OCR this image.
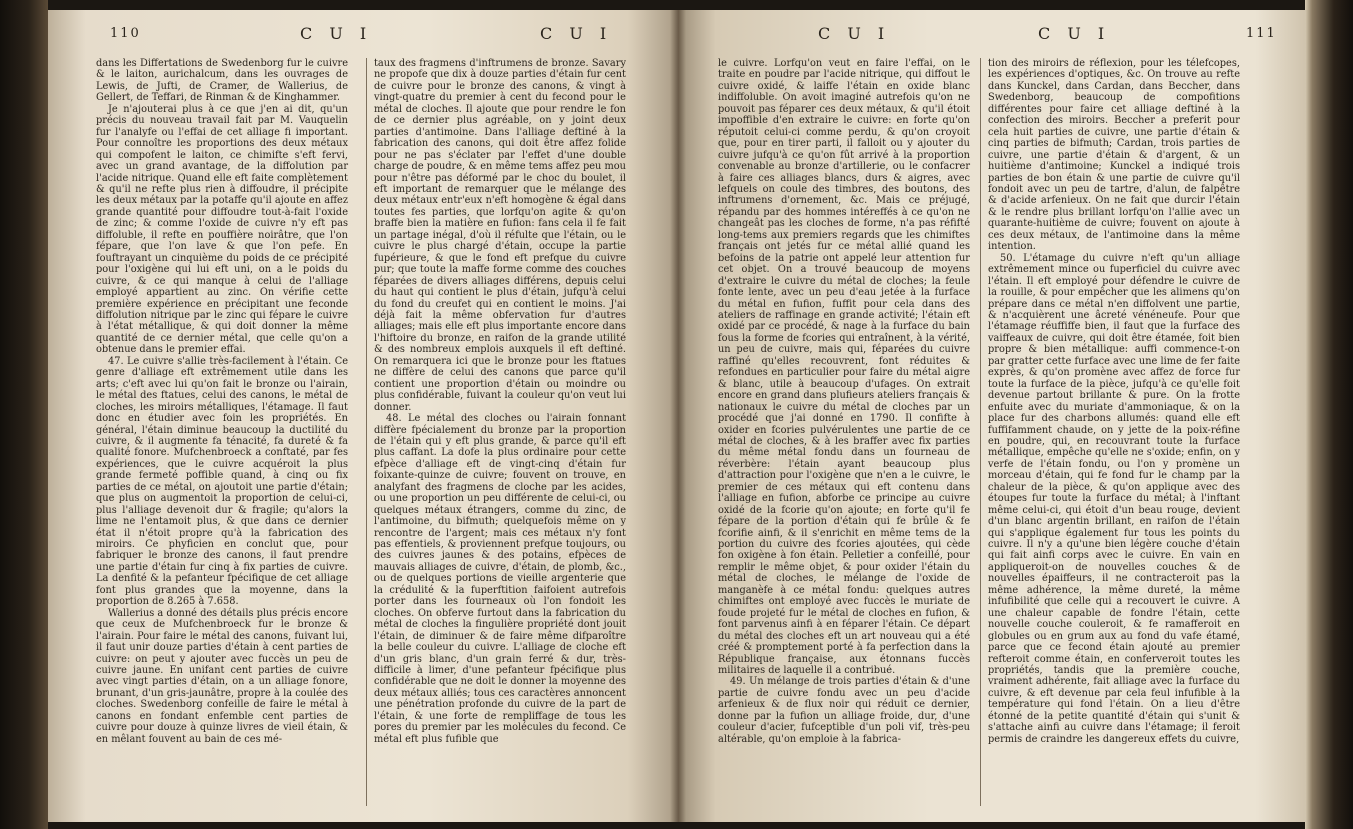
110	C U I	C U I

dans les Differtations de Swedenborg fur le cuivre & le laiton, aurichalcum, dans les ouvrages de Lewis, de Jufti, de Cramer, de Wallerius, de Gellert, de Teffari, de Rinman & de Kinghammer.

Je n'ajouterai plus à ce que j'en ai dit, qu'un précis du nouveau travail fait par M. Vauquelin fur l'analyfe ou l'effai de cet alliage fi important. Pour connoître les proportions des deux métaux qui compofent le laiton, ce chimifte s'eft fervi, avec un grand avantage, de la diffolution par l'acide nitrique. Quand elle eft faite complètement & qu'il ne refte plus rien à diffoudre, il précipite les deux métaux par la potaffe qu'il ajoute en affez grande quantité pour diffoudre tout-à-fait l'oxide de zinc; & comme l'oxide de cuivre n'y eft pas diffoluble, il refte en pouffière noirâtre, que l'on fépare, que l'on lave & que l'on pefe. En fouftrayant un cinquième du poids de ce précipité pour l'oxigène qui lui eft uni, on a le poids du cuivre, & ce qui manque à celui de l'alliage employé appartient au zinc. On vérifie cette première expérience en précipitant une feconde diffolution nitrique par le zinc qui fépare le cuivre à l'état métallique, & qui doit donner la même quantité de ce dernier métal, que celle qu'on a obtenue dans le premier effai.

47. Le cuivre s'allie très-facilement à l'étain. Ce genre d'alliage eft extrêmement utile dans les arts; c'eft avec lui qu'on fait le bronze ou l'airain, le métal des ftatues, celui des canons, le métal de cloches, les miroirs métalliques, l'étamage. Il faut donc en étudier avec foin les propriétés. En général, l'étain diminue beaucoup la ductilité du cuivre, & il augmente fa ténacité, fa dureté & fa qualité fonore. Mufchenbroeck a conftaté, par fes expériences, que le cuivre acquéroit la plus grande fermeté poffible quand, à cinq ou fix parties de ce métal, on ajoutoit une partie d'étain; que plus on augmentoit la proportion de celui-ci, plus l'alliage devenoit dur & fragile; qu'alors la lime ne l'entamoit plus, & que dans ce dernier état il n'étoit propre qu'à la fabrication des miroirs. Ce phyficien en conclut que, pour fabriquer le bronze des canons, il faut prendre une partie d'étain fur cinq à fix parties de cuivre. La denfité & la pefanteur fpécifique de cet alliage font plus grandes que la moyenne, dans la proportion de 8.265 à 7.658.

Wallerius a donné des détails plus précis encore que ceux de Mufchenbroeck fur le bronze & l'airain. Pour faire le métal des canons, fuivant lui, il faut unir douze parties d'étain à cent parties de cuivre: on peut y ajouter avec fuccès un peu de cuivre jaune. En unifant cent parties de cuivre avec vingt parties d'étain, on a un alliage fonore, brunant, d'un gris-jaunâtre, propre à la coulée des cloches. Swedenborg confeille de faire le métal à canons en fondant enfemble cent parties de cuivre pour douze à quinze livres de vieil étain, & en mêlant fouvent au bain de ces mé-

taux des fragmens d'inftrumens de bronze. Savary ne propofe que dix à douze parties d'étain fur cent de cuivre pour le bronze des canons, & vingt à vingt-quatre du premier à cent du fecond pour le métal de cloches. Il ajoute que pour rendre le fon de ce dernier plus agréable, on y joint deux parties d'antimoine. Dans l'alliage deftiné à la fabrication des canons, qui doit être affez folide pour ne pas s'éclater par l'effet d'une double charge de poudre, & en même tems affez peu mou pour n'être pas déformé par le choc du boulet, il eft important de remarquer que le mélange des deux métaux entr'eux n'eft homogène & égal dans toutes fes parties, que lorfqu'on agite & qu'on braffe bien la matière en fufion: fans cela il fe fait un partage inégal, d'où il réfulte que l'étain, ou le cuivre le plus chargé d'étain, occupe la partie fupérieure, & que le fond eft prefque du cuivre pur; que toute la maffe forme comme des couches féparées de divers alliages différens, depuis celui du haut qui contient le plus d'étain, jufqu'à celui du fond du creufet qui en contient le moins. J'ai déjà fait la même obfervation fur d'autres alliages; mais elle eft plus importante encore dans l'hiftoire du bronze, en raifon de la grande utilité & des nombreux emplois auxquels il eft deftiné. On remarquera ici que le bronze pour les ftatues ne diffère de celui des canons que parce qu'il contient une proportion d'étain ou moindre ou plus confidérable, fuivant la couleur qu'on veut lui donner.

48. Le métal des cloches ou l'airain fonnant diffère fpécialement du bronze par la proportion de l'étain qui y eft plus grande, & parce qu'il eft plus caffant. La dofe la plus ordinaire pour cette efpèce d'alliage eft de vingt-cinq d'étain fur foixante-quinze de cuivre; fouvent on trouve, en analyfant des fragmens de cloche par les acides, ou une proportion un peu différente de celui-ci, ou quelques métaux étrangers, comme du zinc, de l'antimoine, du bifmuth; quelquefois même on y rencontre de l'argent; mais ces métaux n'y font pas effentiels, & proviennent prefque toujours, ou des cuivres jaunes & des potains, efpèces de mauvais alliages de cuivre, d'étain, de plomb, &c., ou de quelques portions de vieille argenterie que la crédulité & la fuperftition faifoient autrefois porter dans les fourneaux où l'on fondoit les cloches. On obferve furtout dans la fabrication du métal de cloches la fingulière propriété dont jouit l'étain, de diminuer & de faire même difparoître la belle couleur du cuivre. L'alliage de cloche eft d'un gris blanc, d'un grain ferré & dur, très-difficile à limer, d'une pefanteur fpécifique plus confidérable que ne doit le donner la moyenne des deux métaux alliés; tous ces caractères annoncent une pénétration profonde du cuivre de la part de l'étain, & une forte de rempliffage de tous les pores du premier par les molécules du fecond. Ce métal eft plus fufible que

C U I	C U I	111

le cuivre. Lorfqu'on veut en faire l'effai, on le traite en poudre par l'acide nitrique, qui diffout le cuivre oxidé, & laiffe l'étain en oxide blanc indiffoluble. On avoit imaginé autrefois qu'on ne pouvoit pas féparer ces deux métaux, & qu'il étoit impoffible d'en extraire le cuivre: en forte qu'on réputoit celui-ci comme perdu, & qu'on croyoit que, pour en tirer parti, il falloit ou y ajouter du cuivre jufqu'à ce qu'on fût arrivé à la proportion convenable au bronze d'artillerie, ou le confacrer à faire ces alliages blancs, durs & aigres, avec lefquels on coule des timbres, des boutons, des inftrumens d'ornement, &c. Mais ce préjugé, répandu par des hommes intéreffés à ce qu'on ne changeât pas les cloches de forme, n'a pas réfifté long-tems aux premiers regards que les chimiftes français ont jetés fur ce métal allié quand les befoins de la patrie ont appelé leur attention fur cet objet. On a trouvé beaucoup de moyens d'extraire le cuivre du métal de cloches; la feule fonte lente, avec un peu d'eau jetée à la furface du métal en fufion, fuffit pour cela dans des ateliers de raffinage en grande activité; l'étain eft oxidé par ce procédé, & nage à la furface du bain fous la forme de fcories qui entraînent, à la vérité, un peu de cuivre, mais qui, féparées du cuivre raffiné qu'elles recouvrent, font réduites & refondues en particulier pour faire du métal aigre & blanc, utile à beaucoup d'ufages. On extrait encore en grand dans plufieurs ateliers français & nationaux le cuivre du métal de cloches par un procédé que j'ai donné en 1790. Il confifte à oxider en fcories pulvérulentes une partie de ce métal de cloches, & à les braffer avec fix parties du même métal fondu dans un fourneau de réverbère: l'étain ayant beaucoup plus d'attraction pour l'oxigène que n'en a le cuivre, le premier de ces métaux qui eft contenu dans l'alliage en fufion, abforbe ce principe au cuivre oxidé de la fcorie qu'on ajoute; en forte qu'il fe fépare de la portion d'étain qui fe brûle & fe fcorifie ainfi, & il s'enrichit en même tems de la portion du cuivre des fcories ajoutées, qui cède fon oxigène à fon étain. Pelletier a confeillé, pour remplir le même objet, & pour oxider l'étain du métal de cloches, le mélange de l'oxide de manganèfe à ce métal fondu: quelques autres chimiftes ont employé avec fuccès le muriate de foude projeté fur le métal de cloches en fufion, & font parvenus ainfi à en féparer l'étain. Ce départ du métal des cloches eft un art nouveau qui a été créé & promptement porté à fa perfection dans la République française, aux étonnans fuccès militaires de laquelle il a contribué.

49. Un mélange de trois parties d'étain & d'une partie de cuivre fondu avec un peu d'acide arfenieux & de flux noir qui réduit ce dernier, donne par la fufion un alliage froide, dur, d'une couleur d'acier, fufceptible d'un poli vif, très-peu altérable, qu'on emploie à la fabrica-

tion des miroirs de réflexion, pour les télefcopes, les expériences d'optiques, &c. On trouve au refte dans Kunckel, dans Cardan, dans Beccher, dans Swedenborg, beaucoup de compofitions différentes pour faire cet alliage deftiné à la confection des miroirs. Beccher a preferit pour cela huit parties de cuivre, une partie d'étain & cinq parties de bifmuth; Cardan, trois parties de cuivre, une partie d'étain & d'argent, & un huitième d'antimoine; Kunckel a indiqué trois parties de bon étain & une partie de cuivre qu'il fondoit avec un peu de tartre, d'alun, de falpêtre & d'acide arfenieux. On ne fait que durcir l'étain & le rendre plus brillant lorfqu'on l'allie avec un quarante-huitième de cuivre; fouvent on ajoute à ces deux métaux, de l'antimoine dans la même intention.

50. L'étamage du cuivre n'eft qu'un alliage extrêmement mince ou fuperficiel du cuivre avec l'étain. Il eft employé pour défendre le cuivre de la rouille, & pour empêcher que les alimens qu'on prépare dans ce métal n'en diffolvent une partie, & n'acquièrent une âcreté vénéneufe. Pour que l'étamage réuffiffe bien, il faut que la furface des vaiffeaux de cuivre, qui doit être étamée, foit bien propre & bien métallique: auffi commence-t-on par gratter cette furface avec une lime de fer faite exprès, & qu'on promène avec affez de force fur toute la furface de la pièce, jufqu'à ce qu'elle foit devenue partout brillante & pure. On la frotte enfuite avec du muriate d'ammoniaque, & on la place fur des charbons allumés: quand elle eft fuffifamment chaude, on y jette de la poix-réfine en poudre, qui, en recouvrant toute la furface métallique, empêche qu'elle ne s'oxide; enfin, on y verfe de l'étain fondu, ou l'on y promène un morceau d'étain, qui fe fond fur le champ par la chaleur de la pièce, & qu'on applique avec des étoupes fur toute la furface du métal; à l'inftant même celui-ci, qui étoit d'un beau rouge, devient d'un blanc argentin brillant, en raifon de l'étain qui s'applique également fur tous les points du cuivre. Il n'y a qu'une bien légère couche d'étain qui fait ainfi corps avec le cuivre. En vain en appliqueroit-on de nouvelles couches & de nouvelles épaiffeurs, il ne contracteroit pas la même adhérence, la même dureté, la même infufibilité que celle qui a recouvert le cuivre. A une chaleur capable de fondre l'étain, cette nouvelle couche couleroit, & fe ramafferoit en globules ou en grum aux au fond du vafe étamé, parce que ce fecond étain ajouté au premier refteroit comme étain, en conferveroit toutes les propriétés, tandis que la première couche, vraiment adhérente, fait alliage avec la furface du cuivre, & eft devenue par cela feul infufible à la température qui fond l'étain. On a lieu d'être étonné de la petite quantité d'étain qui s'unit & s'attache ainfi au cuivre dans l'étamage; il feroit permis de craindre les dangereux effets du cuivre,
